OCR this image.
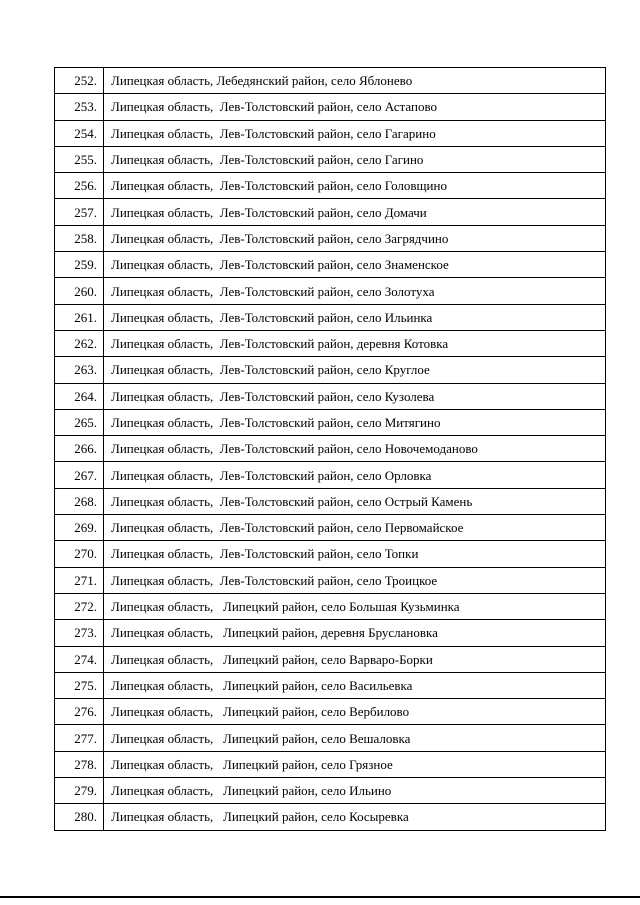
252.	Липецкая область, Лебедянский район, село Яблонево
253.	Липецкая область,  Лев-Толстовский район, село Астапово
254.	Липецкая область,  Лев-Толстовский район, село Гагарино
255.	Липецкая область,  Лев-Толстовский район, село Гагино
256.	Липецкая область,  Лев-Толстовский район, село Головщино
257.	Липецкая область,  Лев-Толстовский район, село Домачи
258.	Липецкая область,  Лев-Толстовский район, село Загрядчино
259.	Липецкая область,  Лев-Толстовский район, село Знаменское
260.	Липецкая область,  Лев-Толстовский район, село Золотуха
261.	Липецкая область,  Лев-Толстовский район, село Ильинка
262.	Липецкая область,  Лев-Толстовский район, деревня Котовка
263.	Липецкая область,  Лев-Толстовский район, село Круглое
264.	Липецкая область,  Лев-Толстовский район, село Кузолева
265.	Липецкая область,  Лев-Толстовский район, село Митягино
266.	Липецкая область,  Лев-Толстовский район, село Новочемоданово
267.	Липецкая область,  Лев-Толстовский район, село Орловка
268.	Липецкая область,  Лев-Толстовский район, село Острый Камень
269.	Липецкая область,  Лев-Толстовский район, село Первомайское
270.	Липецкая область,  Лев-Толстовский район, село Топки
271.	Липецкая область,  Лев-Толстовский район, село Троицкое
272.	Липецкая область,   Липецкий район, село Большая Кузьминка
273.	Липецкая область,   Липецкий район, деревня Брусланoвка
274.	Липецкая область,   Липецкий район, село Варваро-Борки
275.	Липецкая область,   Липецкий район, село Васильевка
276.	Липецкая область,   Липецкий район, село Вербилово
277.	Липецкая область,   Липецкий район, село Вешаловка
278.	Липецкая область,   Липецкий район, село Грязное
279.	Липецкая область,   Липецкий район, село Ильино
280.	Липецкая область,   Липецкий район, село Косыревка
